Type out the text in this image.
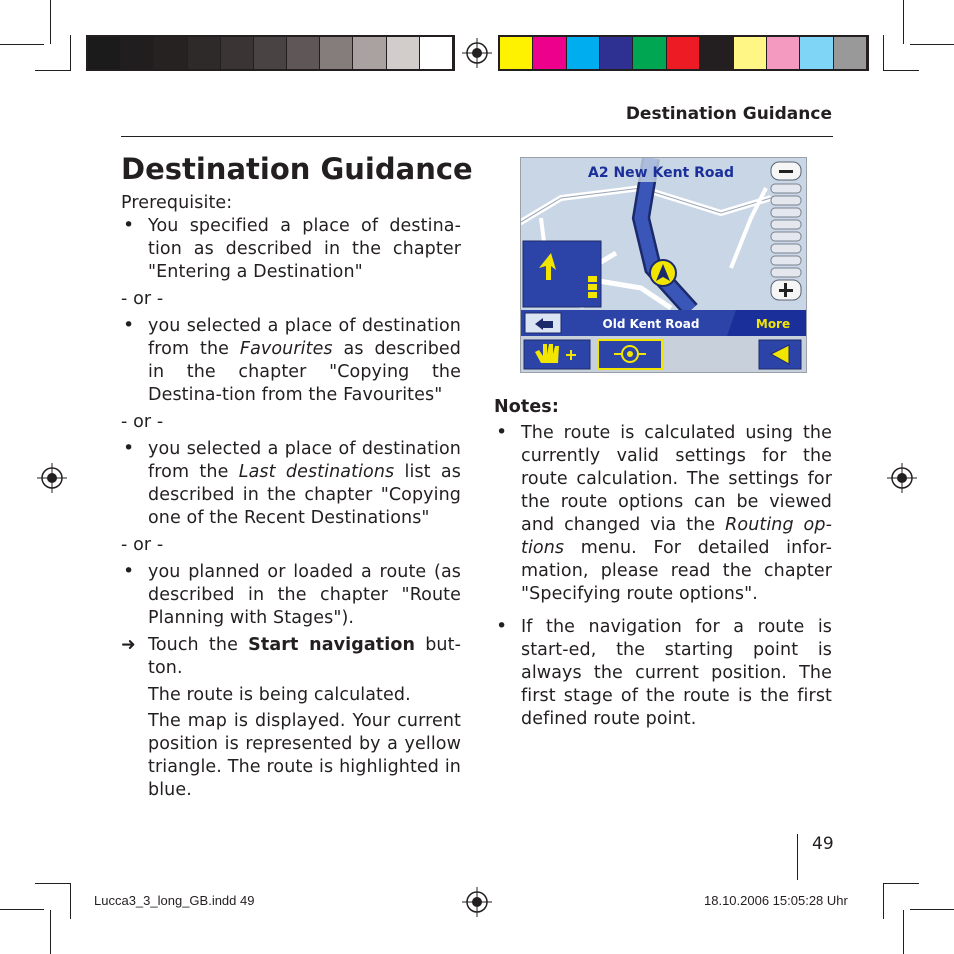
Destination Guidance
Destination Guidance

Prerequisite:

• You specified a place of destina-tion as described in the chapter "Entering a Destination"

- or -

• you selected a place of destination from the Favourites as described in the chapter "Copying the Destina-tion from the Favourites"

- or -

• you selected a place of destination from the Last destinations list as described in the chapter "Copying one of the Recent Destinations"

- or -

• you planned or loaded a route (as described in the chapter "Route Planning with Stages").

➜ Touch the Start navigation but-ton.

The route is being calculated.

The map is displayed. Your current position is represented by a yellow triangle. The route is highlighted in blue.

A2 New Kent Road
Old Kent Road	More

Notes:

• The route is calculated using the currently valid settings for the route calculation. The settings for the route options can be viewed and changed via the Routing op-tions menu. For detailed infor-mation, please read the chapter "Specifying route options".

• If the navigation for a route is start-ed, the starting point is always the current position. The first stage of the route is the first defined route point.

49
Lucca3_3_long_GB.indd 49	18.10.2006 15:05:28 Uhr
